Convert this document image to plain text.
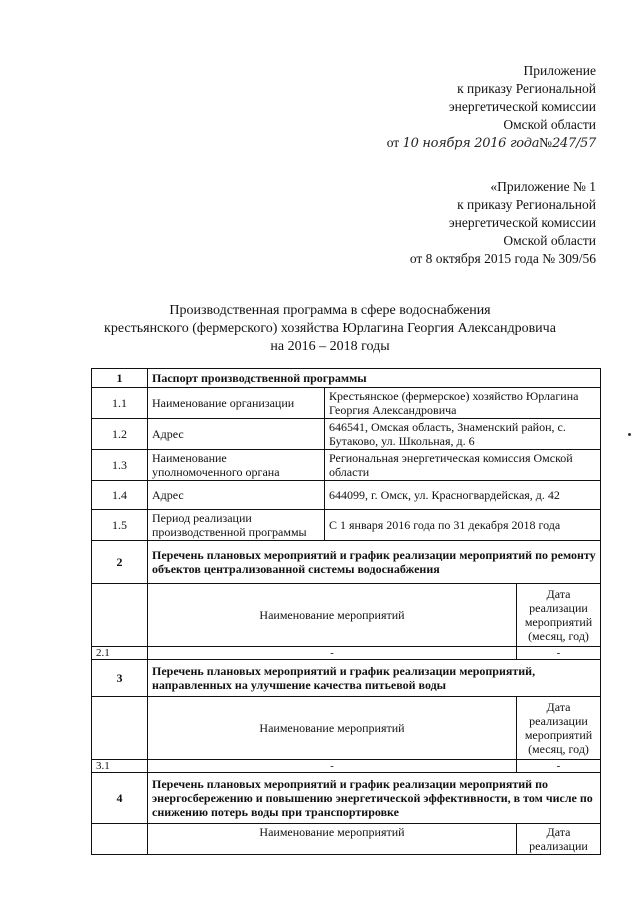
Приложение
к приказу Региональной
энергетической комиссии
Омской области
от 10 ноября 2016 года№247/57
«Приложение № 1
к приказу Региональной
энергетической комиссии
Омской области
от 8 октября 2015 года № 309/56
Производственная программа в сфере водоснабжения
крестьянского (фермерского) хозяйства Юрлагина Георгия Александровича
на 2016 – 2018 годы
1	Паспорт производственной программы		
1.1	Наименование организации	Крестьянское (фермерское) хозяйство Юрлагина Георгия Александровича	
1.2	Адрес	646541, Омская область, Знаменский район, с. Бутаково, ул. Школьная, д. 6	
1.3	Наименование уполномоченного органа	Региональная энергетическая комиссия Омской области	
1.4	Адрес	644099, г. Омск, ул. Красногвардейская, д. 42	
1.5	Период реализации производственной программы	С 1 января 2016 года по 31 декабря 2018 года	
2	Перечень плановых мероприятий и график реализации мероприятий по ремонту объектов централизованной системы водоснабжения		
	Наименование мероприятий		Дата реализации мероприятий (месяц, год)
2.1	-		-
3	Перечень плановых мероприятий и график реализации мероприятий, направленных на улучшение качества питьевой воды		
	Наименование мероприятий		Дата реализации мероприятий (месяц, год)
3.1	-		-
4	Перечень плановых мероприятий и график реализации мероприятий по энергосбережению и повышению энергетической эффективности, в том числе по снижению потерь воды при транспортировке		
	Наименование мероприятий		Дата реализации
